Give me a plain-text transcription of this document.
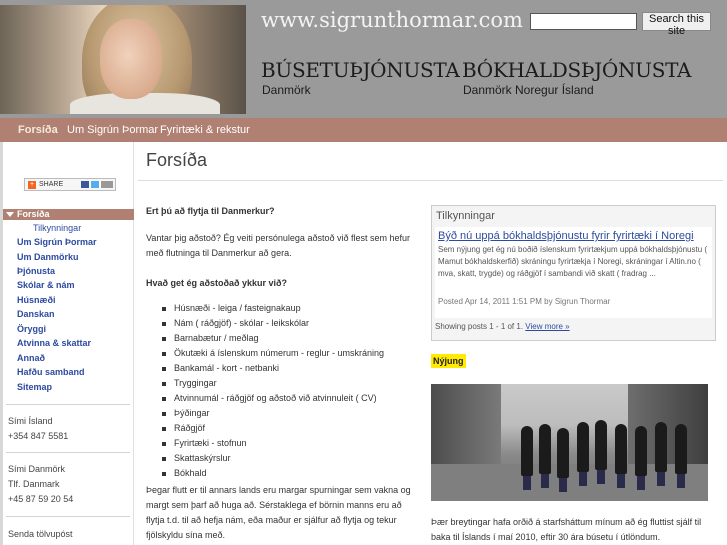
www.sigrunthormar.com	Search this site
BÚSETUÞJÓNUSTA
Danmörk
BÓKHALDSÞJÓNUSTA
Danmörk Noregur Ísland
Forsíða Um Sigrún Þormar Fyrirtæki & rekstur
+ SHARE
Forsíða
Tilkynningar
Um Sigrún Þormar
Um Danmörku
Þjónusta
Skólar & nám
Húsnæði
Danskan
Öryggi
Atvinna & skattar
Annað
Hafðu samband
Sitemap
Sími Ísland
+354 847 5581
Sími Danmörk
Tlf. Danmark
+45 87 59 20 54
Senda tölvupóst
Forsíða
Ert þú að flytja til Danmerkur?
Vantar þig aðstoð? Ég veiti persónulega aðstoð við flest sem hefur með flutninga til Danmerkur að gera.
Hvað get ég aðstoðað ykkur við?
Húsnæði - leiga / fasteignakaup
Nám ( ráðgjöf) - skólar - leikskólar
Barnabætur / meðlag
Ökutæki á íslenskum númerum - reglur - umskráning
Bankamál - kort - netbanki
Tryggingar
Atvinnumál - ráðgjöf og aðstoð við atvinnuleit ( CV)
Þýðingar
Ráðgjöf
Fyrirtæki - stofnun
Skattaskýrslur
Bókhald
Þegar flutt er til annars lands eru margar spurningar sem vakna og margt sem þarf að huga að. Sérstaklega ef börnin manns eru að flytja t.d. til að hefja nám, eða maður er sjálfur að flytja og tekur fjölskyldu sína með.
Tilkynningar
Býð nú uppá bókhaldsþjónustu fyrir fyrirtæki í Noregi
Sem nýjung get ég nú boðið íslenskum fyrirtækjum uppá bókhaldsþjónustu ( Mamut bókhaldskerfið) skráningu fyrirtækja í Noregi, skráningar í Altin.no ( mva, skatt, trygde) og ráðgjöf í sambandi við skatt ( fradrag ...
Posted Apr 14, 2011 1:51 PM by Sigrun Thormar
Showing posts 1 - 1 of 1. View more »
Nýjung
Þær breytingar hafa orðið á starfsháttum mínum að ég fluttist sjálf til baka til Íslands í maí 2010, eftir 30 ára búsetu í útlöndum.
